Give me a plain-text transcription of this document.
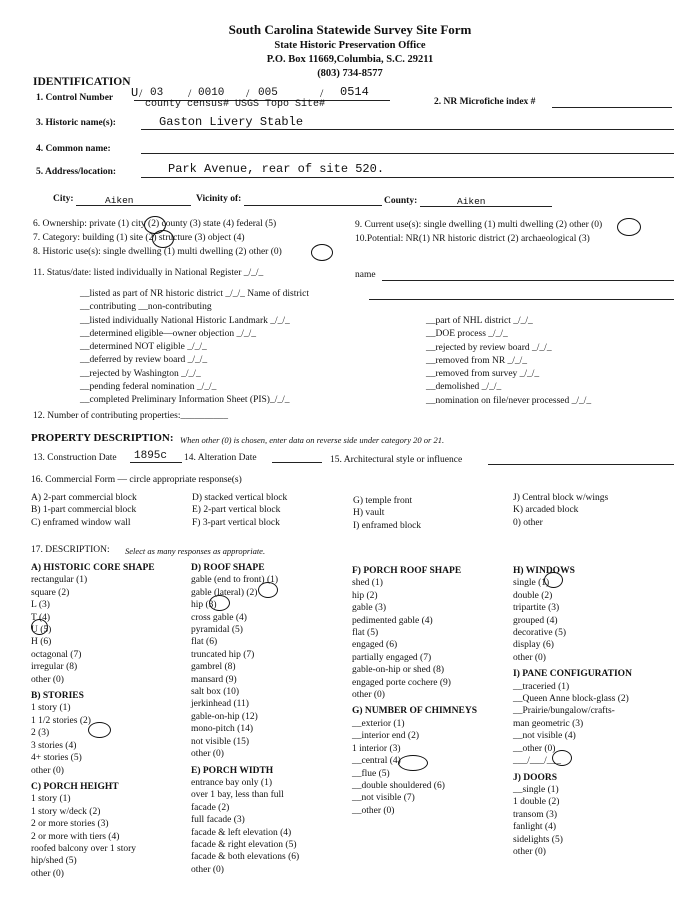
South Carolina Statewide Survey Site Form
State Historic Preservation Office
P.O. Box 11669,Columbia, S.C. 29211
(803) 734-8577
IDENTIFICATION
1. Control Number U 03	0010	005	0514
/	/	/	/
county census# USGS Topo Site#	2. NR Microfiche index #
3. Historic name(s):	Gaston Livery Stable
4. Common name:
5. Address/location:	Park Avenue, rear of site 520.
City:	Aiken	Vicinity of:	County:	Aiken
6. Ownership: private (1) city (2) county (3) state (4) federal (5)
7. Category: building (1) site (2) structure (3) object (4)
8. Historic use(s): single dwelling (1) multi dwelling (2) other (0)
9. Current use(s): single dwelling (1) multi dwelling (2) other (0)
10.Potential: NR(1) NR historic district (2) archaeological (3)
11. Status/date: listed individually in National Register _/_/_	name
__listed as part of NR historic district _/_/_ Name of district
__contributing __non-contributing
__listed individually National Historic Landmark _/_/_
__determined eligible—owner objection _/_/_
__determined NOT eligible _/_/_
__deferred by review board _/_/_
__rejected by Washington _/_/_
__pending federal nomination _/_/_
__completed Preliminary Information Sheet (PIS)_/_/_
__part of NHL district _/_/_
__DOE process _/_/_
__rejected by review board _/_/_
__removed from NR _/_/_
__removed from survey _/_/_
__demolished _/_/_
__nomination on file/never processed _/_/_
12. Number of contributing properties:__________
PROPERTY DESCRIPTION: When other (0) is chosen, enter data on reverse side under category 20 or 21.
13. Construction Date 1895c 14. Alteration Date	15. Architectural style or influence
16. Commercial Form — circle appropriate response(s)
A) 2-part commercial block
B) 1-part commercial block
C) enframed window wall
D) stacked vertical block
E) 2-part vertical block
F) 3-part vertical block
G) temple front
H) vault
I) enframed block
J) Central block w/wings
K) arcaded block
0) other
17. DESCRIPTION: Select as many responses as appropriate.
A) HISTORIC CORE SHAPE
rectangular (1)
square (2)
L (3)
T (4)
U (5)
H (6)
octagonal (7)
irregular (8)
other (0)
B) STORIES
1 story (1)
1 1/2 stories (2)
2 (3)
3 stories (4)
4+ stories (5)
other (0)
C) PORCH HEIGHT
1 story (1)
1 story w/deck (2)
2 or more stories (3)
2 or more with tiers (4)
roofed balcony over 1 story
hip/shed (5)
other (0)
D) ROOF SHAPE
gable (end to front) (1)
gable (lateral) (2)
hip (3)
cross gable (4)
pyramidal (5)
flat (6)
truncated hip (7)
gambrel (8)
mansard (9)
salt box (10)
jerkinhead (11)
gable-on-hip (12)
mono-pitch (14)
not visible (15)
other (0)
E) PORCH WIDTH
entrance bay only (1)
over 1 bay, less than full
facade (2)
full facade (3)
facade & left elevation (4)
facade & right elevation (5)
facade & both elevations (6)
other (0)
F) PORCH ROOF SHAPE
shed (1)
hip (2)
gable (3)
pedimented gable (4)
flat (5)
engaged (6)
partially engaged (7)
gable-on-hip or shed (8)
engaged porte cochere (9)
other (0)
G) NUMBER OF CHIMNEYS
__exterior (1)
__interior end (2)
1 interior (3)
__central (4)
__flue (5)
__double shouldered (6)
__not visible (7)
__other (0)
H) WINDOWS
single (1)
double (2)
tripartite (3)
grouped (4)
decorative (5)
display (6)
other (0)
I) PANE CONFIGURATION
__traceried (1)
__Queen Anne block-glass (2)
__Prairie/bungalow/crafts-
man geometric (3)
__not visible (4)
__other (0)
___/___/___
J) DOORS
__single (1)
1 double (2)
transom (3)
fanlight (4)
sidelights (5)
other (0)
